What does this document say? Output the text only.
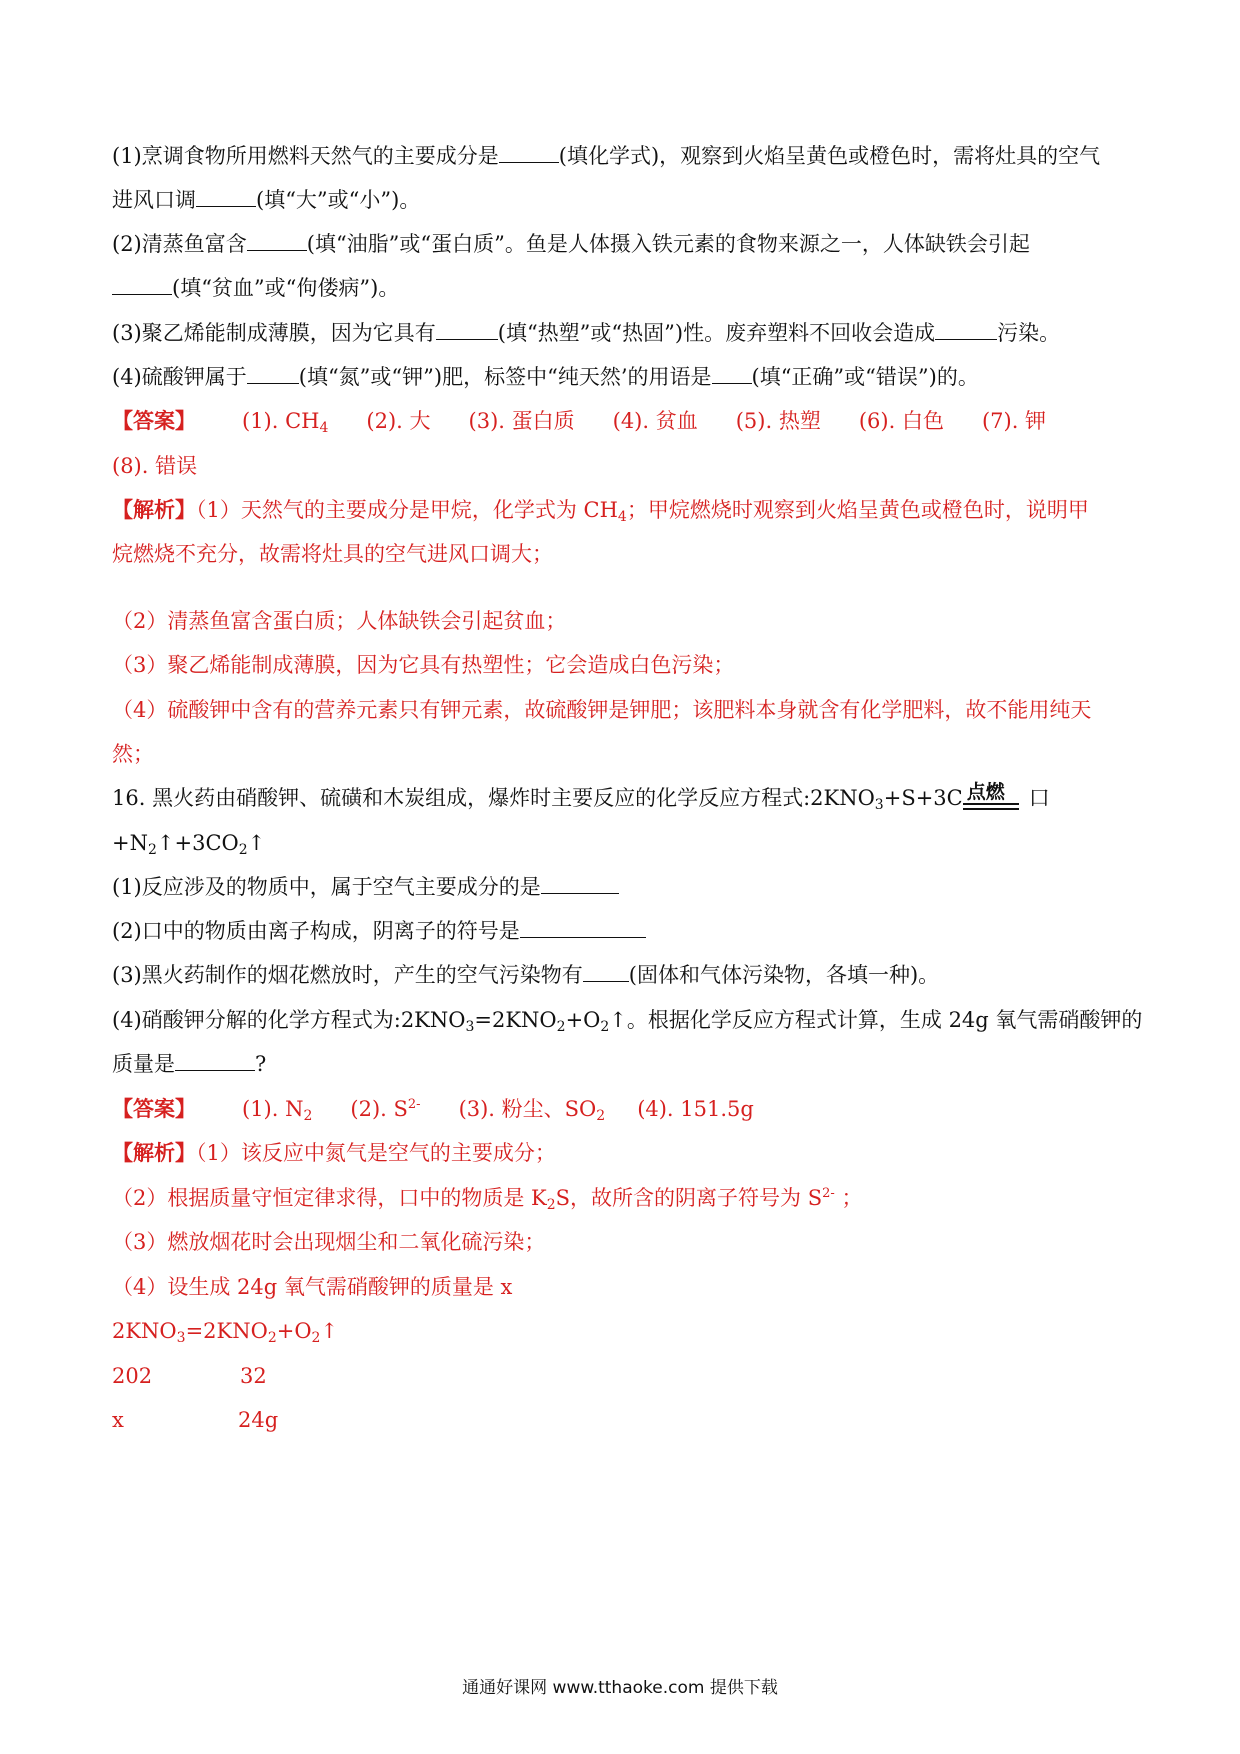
(1)烹调食物所用燃料天然气的主要成分是	(填化学式)，观察到火焰呈黄色或橙色时，需将灶具的空气
进风口调	(填“大”或“小”)。
(2)清蒸鱼富含	(填“油脂”或“蛋白质”。鱼是人体摄入铁元素的食物来源之一，人体缺铁会引起
(填“贫血”或“佝偻病”)。
(3)聚乙烯能制成薄膜，因为它具有	(填“热塑”或“热固”)性。废弃塑料不回收会造成	污染。
(4)硫酸钾属于 (填“氮”或“钾”)肥，标签中“纯天然’的用语是 (填“正确”或“错误”)的。
【答案】 (1). $CH_4$ (2). 大 (3). 蛋白质 (4). 贫血 (5). 热塑 (6). 白色 (7). 钾
(8). 错误
【解析】（1）天然气的主要成分是甲烷，化学式为 $CH_4$；甲烷燃烧时观察到火焰呈黄色或橙色时，说明甲
烷燃烧不充分，故需将灶具的空气进风口调大；
（2）清蒸鱼富含蛋白质；人体缺铁会引起贫血；
（3）聚乙烯能制成薄膜，因为它具有热塑性；它会造成白色污染；
（4）硫酸钾中含有的营养元素只有钾元素，故硫酸钾是钾肥；该肥料本身就含有化学肥料，故不能用纯天
然；
16. 黑火药由硝酸钾、硫磺和木炭组成，爆炸时主要反应的化学反应方程式$:2KNO_3+S+3C$ 点燃 口
$+N_2↑+3CO_2↑$
(1)反应涉及的物质中，属于空气主要成分的是
(2)口中的物质由离子构成，阴离子的符号是
(3)黑火药制作的烟花燃放时，产生的空气污染物有 (固体和气体污染物，各填一种)。
(4)硝酸钾分解的化学方程式为$:2KNO_3=2KNO_2+O_2↑$。根据化学反应方程式计算，生成 24g 氧气需硝酸钾的
质量是	?
【答案】 (1). $N_2$ (2). $S^{2-}$ (3). 粉尘、$SO_2$ (4). 151.5g
【解析】（1）该反应中氮气是空气的主要成分；
（2）根据质量守恒定律求得，口中的物质是 $K_2S$，故所含的阴离子符号为 $S^{2-}$ ；
（3）燃放烟花时会出现烟尘和二氧化硫污染；
（4）设生成 24g 氧气需硝酸钾的质量是 x
$2KNO_3=2KNO_2+O_2↑$
202	32
x	24g
通通好课网 www.tthaoke.com 提供下载
